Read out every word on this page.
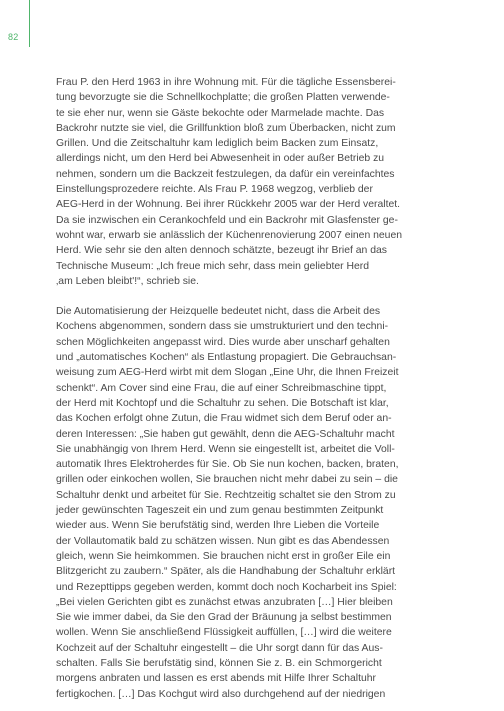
82
Frau P. den Herd 1963 in ihre Wohnung mit. Für die tägliche Essensberei-
tung bevorzugte sie die Schnellkochplatte; die großen Platten verwende-
te sie eher nur, wenn sie Gäste bekochte oder Marmelade machte. Das
Backrohr nutzte sie viel, die Grillfunktion bloß zum Überbacken, nicht zum
Grillen. Und die Zeitschaltuhr kam lediglich beim Backen zum Einsatz,
allerdings nicht, um den Herd bei Abwesenheit in oder außer Betrieb zu
nehmen, sondern um die Backzeit festzulegen, da dafür ein vereinfachtes
Einstellungsprozedere reichte. Als Frau P. 1968 wegzog, verblieb der
AEG-Herd in der Wohnung. Bei ihrer Rückkehr 2005 war der Herd veraltet.
Da sie inzwischen ein Cerankochfeld und ein Backrohr mit Glasfenster ge-
wohnt war, erwarb sie anlässlich der Küchenrenovierung 2007 einen neuen
Herd. Wie sehr sie den alten dennoch schätzte, bezeugt ihr Brief an das
Technische Museum: „Ich freue mich sehr, dass mein geliebter Herd
‚am Leben bleibt'!“, schrieb sie.
Die Automatisierung der Heizquelle bedeutet nicht, dass die Arbeit des
Kochens abgenommen, sondern dass sie umstrukturiert und den techni-
schen Möglichkeiten angepasst wird. Dies wurde aber unscharf gehalten
und „automatisches Kochen“ als Entlastung propagiert. Die Gebrauchsan-
weisung zum AEG-Herd wirbt mit dem Slogan „Eine Uhr, die Ihnen Freizeit
schenkt“. Am Cover sind eine Frau, die auf einer Schreibmaschine tippt,
der Herd mit Kochtopf und die Schaltuhr zu sehen. Die Botschaft ist klar,
das Kochen erfolgt ohne Zutun, die Frau widmet sich dem Beruf oder an-
deren Interessen: „Sie haben gut gewählt, denn die AEG-Schaltuhr macht
Sie unabhängig von Ihrem Herd. Wenn sie eingestellt ist, arbeitet die Voll-
automatik Ihres Elektroherdes für Sie. Ob Sie nun kochen, backen, braten,
grillen oder einkochen wollen, Sie brauchen nicht mehr dabei zu sein – die
Schaltuhr denkt und arbeitet für Sie. Rechtzeitig schaltet sie den Strom zu
jeder gewünschten Tageszeit ein und zum genau bestimmten Zeitpunkt
wieder aus. Wenn Sie berufstätig sind, werden Ihre Lieben die Vorteile
der Vollautomatik bald zu schätzen wissen. Nun gibt es das Abendessen
gleich, wenn Sie heimkommen. Sie brauchen nicht erst in großer Eile ein
Blitzgericht zu zaubern.“ Später, als die Handhabung der Schaltuhr erklärt
und Rezepttipps gegeben werden, kommt doch noch Kocharbeit ins Spiel:
„Bei vielen Gerichten gibt es zunächst etwas anzubraten […] Hier bleiben
Sie wie immer dabei, da Sie den Grad der Bräunung ja selbst bestimmen
wollen. Wenn Sie anschließend Flüssigkeit auffüllen, […] wird die weitere
Kochzeit auf der Schaltuhr eingestellt – die Uhr sorgt dann für das Aus-
schalten. Falls Sie berufstätig sind, können Sie z. B. ein Schmorgericht
morgens anbraten und lassen es erst abends mit Hilfe Ihrer Schaltuhr
fertigkochen. […] Das Kochgut wird also durchgehend auf der niedrigen
